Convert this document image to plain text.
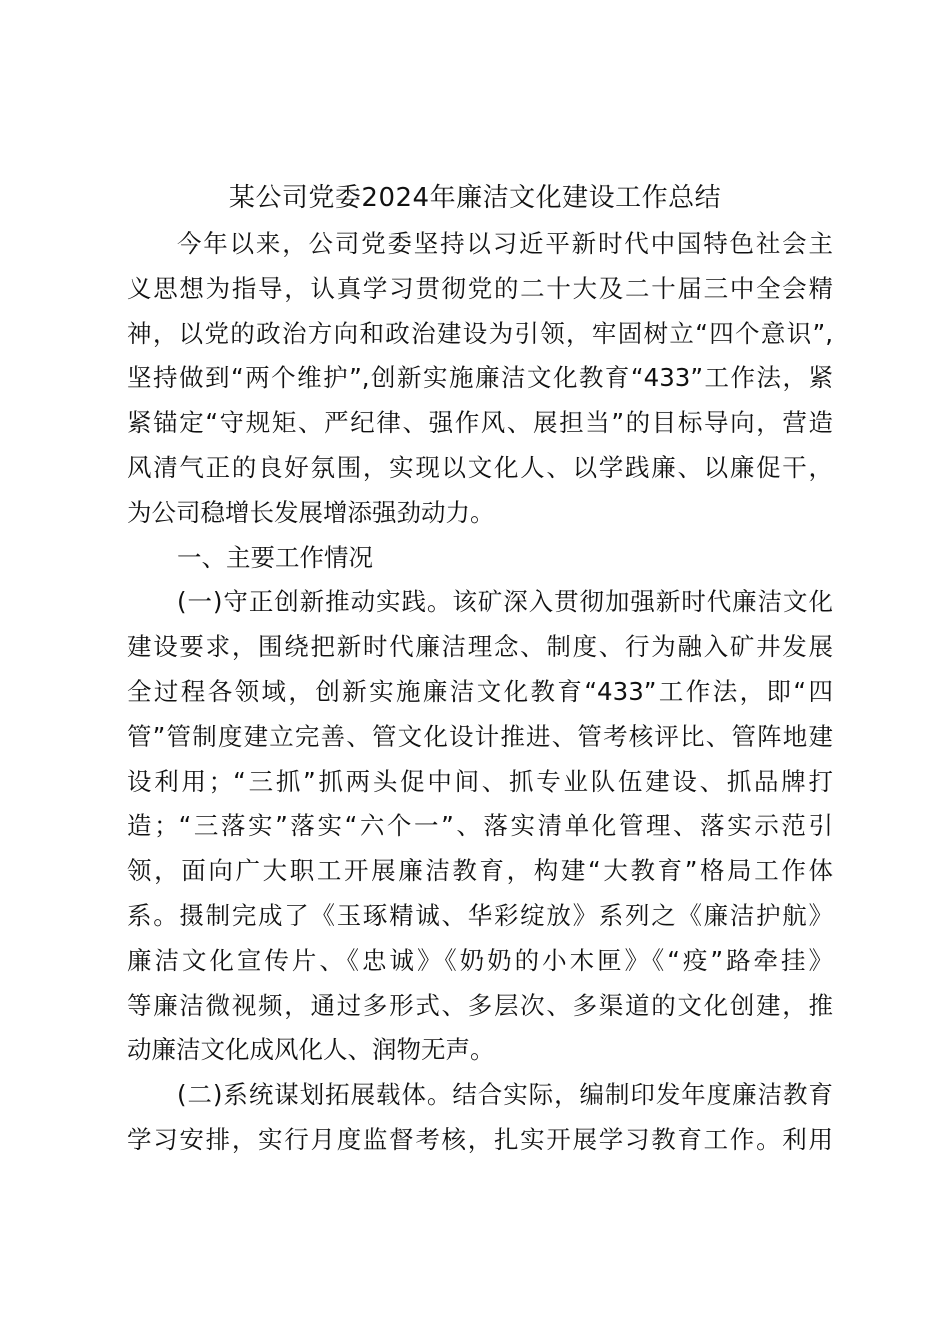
某公司党委2024年廉洁文化建设工作总结
今年以来，公司党委坚持以习近平新时代中国特色社会主
义思想为指导，认真学习贯彻党的二十大及二十届三中全会精
神，以党的政治方向和政治建设为引领，牢固树立“四个意识”,
坚持做到“两个维护”,创新实施廉洁文化教育“433”工作法，紧
紧锚定“守规矩、严纪律、强作风、展担当”的目标导向，营造
风清气正的良好氛围，实现以文化人、以学践廉、以廉促干，
为公司稳增长发展增添强劲动力。
一、主要工作情况
(一)守正创新推动实践。该矿深入贯彻加强新时代廉洁文化
建设要求，围绕把新时代廉洁理念、制度、行为融入矿井发展
全过程各领域，创新实施廉洁文化教育“433”工作法，即“四
管”管制度建立完善、管文化设计推进、管考核评比、管阵地建
设利用；“三抓”抓两头促中间、抓专业队伍建设、抓品牌打
造；“三落实”落实“六个一”、落实清单化管理、落实示范引
领，面向广大职工开展廉洁教育，构建“大教育”格局工作体
系。摄制完成了《玉琢精诚、华彩绽放》系列之《廉洁护航》
廉洁文化宣传片、《忠诚》《奶奶的小木匣》《“疫”路牵挂》
等廉洁微视频，通过多形式、多层次、多渠道的文化创建，推
动廉洁文化成风化人、润物无声。
(二)系统谋划拓展载体。结合实际，编制印发年度廉洁教育
学习安排，实行月度监督考核，扎实开展学习教育工作。利用
